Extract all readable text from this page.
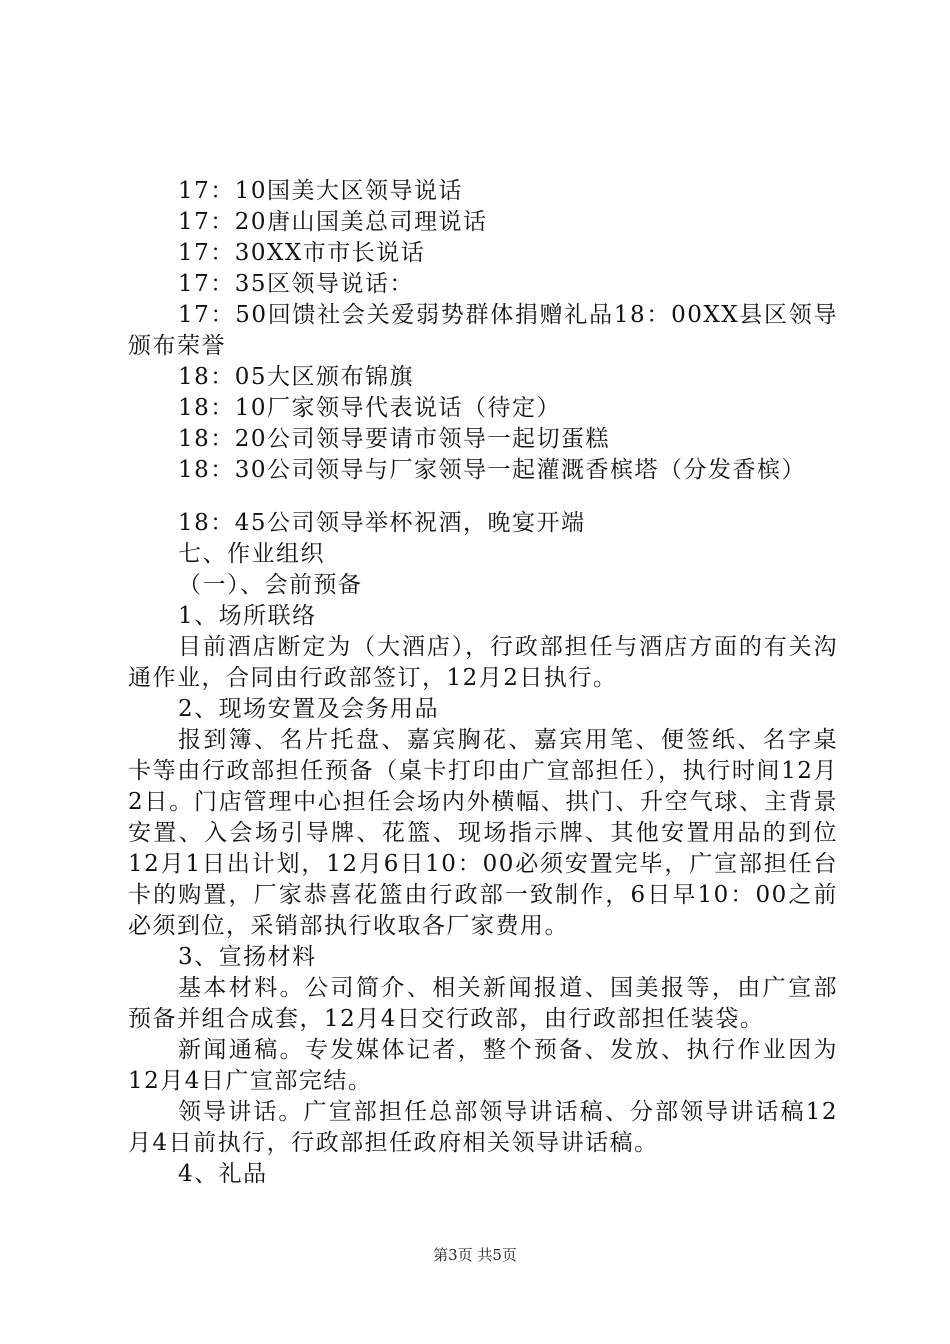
17：10国美大区领导说话
17：20唐山国美总司理说话
17：30XX市市长说话
17：35区领导说话：
17：50回馈社会关爱弱势群体捐赠礼品18：00XX县区领导颁布荣誉
18：05大区颁布锦旗
18：10厂家领导代表说话（待定）
18：20公司领导要请市领导一起切蛋糕
18：30公司领导与厂家领导一起灌溉香槟塔（分发香槟）
18：45公司领导举杯祝酒，晚宴开端
七、作业组织
（一）、会前预备
1、场所联络
目前酒店断定为（大酒店），行政部担任与酒店方面的有关沟通作业，合同由行政部签订，12月2日执行。
2、现场安置及会务用品
报到簿、名片托盘、嘉宾胸花、嘉宾用笔、便签纸、名字桌卡等由行政部担任预备（桌卡打印由广宣部担任），执行时间12月2日。门店管理中心担任会场内外横幅、拱门、升空气球、主背景安置、入会场引导牌、花篮、现场指示牌、其他安置用品的到位12月1日出计划，12月6日10：00必须安置完毕，广宣部担任台卡的购置，厂家恭喜花篮由行政部一致制作，6日早10：00之前必须到位，采销部执行收取各厂家费用。
3、宣扬材料
基本材料。公司简介、相关新闻报道、国美报等，由广宣部预备并组合成套，12月4日交行政部，由行政部担任装袋。
新闻通稿。专发媒体记者，整个预备、发放、执行作业因为12月4日广宣部完结。
领导讲话。广宣部担任总部领导讲话稿、分部领导讲话稿12月4日前执行，行政部担任政府相关领导讲话稿。
4、礼品
第3页 共5页
